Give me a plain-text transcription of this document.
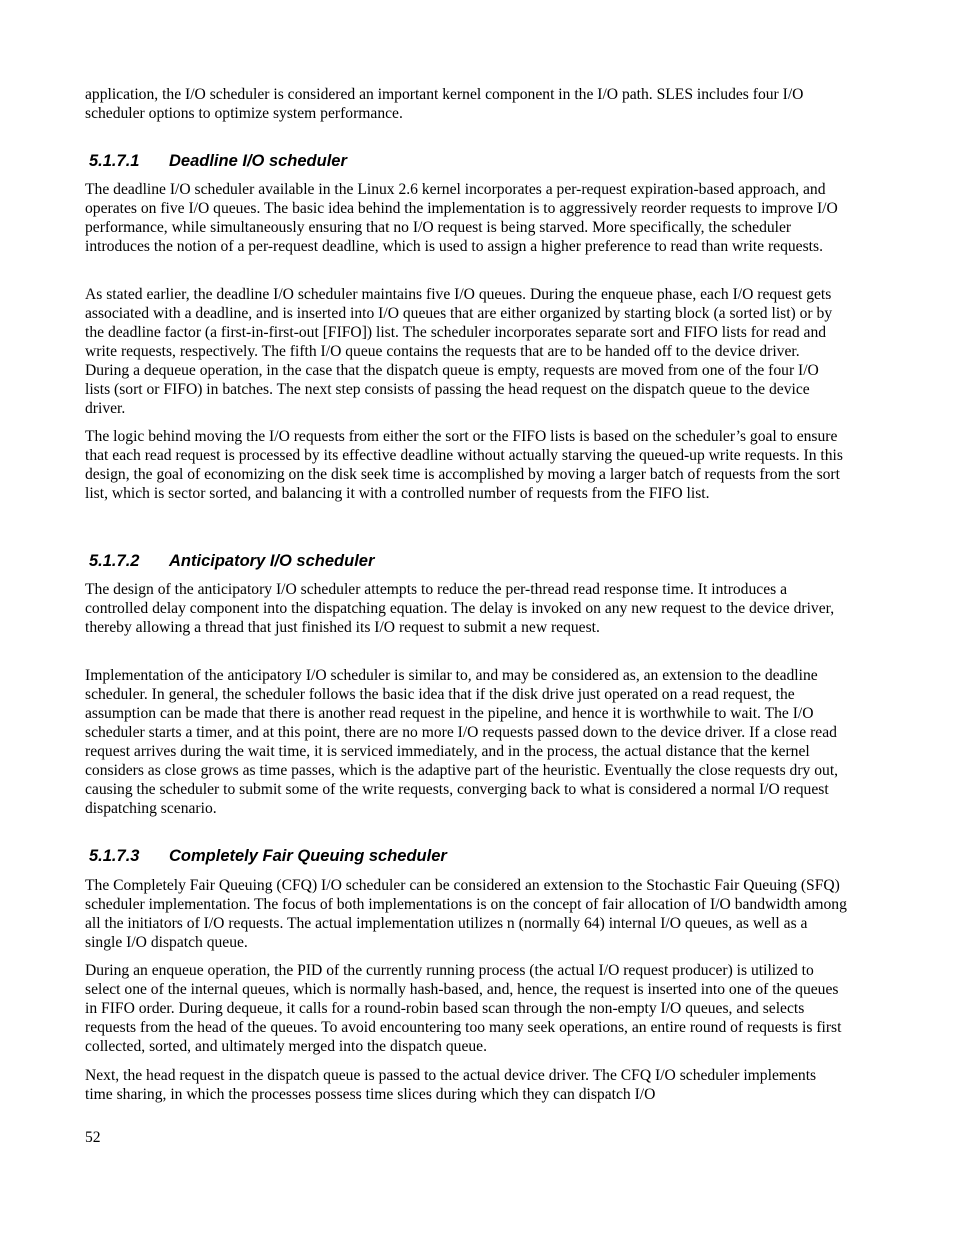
application, the I/O scheduler is considered an important kernel component in the I/O path. SLES includes four I/O scheduler options to optimize system performance.

5.1.7.1 Deadline I/O scheduler

The deadline I/O scheduler available in the Linux 2.6 kernel incorporates a per-request expiration-based approach, and operates on five I/O queues. The basic idea behind the implementation is to aggressively reorder requests to improve I/O performance, while simultaneously ensuring that no I/O request is being starved. More specifically, the scheduler introduces the notion of a per-request deadline, which is used to assign a higher preference to read than write requests.

As stated earlier, the deadline I/O scheduler maintains five I/O queues. During the enqueue phase, each I/O request gets associated with a deadline, and is inserted into I/O queues that are either organized by starting block (a sorted list) or by the deadline factor (a first-in-first-out [FIFO]) list. The scheduler incorporates separate sort and FIFO lists for read and write requests, respectively. The fifth I/O queue contains the requests that are to be handed off to the device driver. During a dequeue operation, in the case that the dispatch queue is empty, requests are moved from one of the four I/O lists (sort or FIFO) in batches. The next step consists of passing the head request on the dispatch queue to the device driver.

The logic behind moving the I/O requests from either the sort or the FIFO lists is based on the scheduler’s goal to ensure that each read request is processed by its effective deadline without actually starving the queued-up write requests. In this design, the goal of economizing on the disk seek time is accomplished by moving a larger batch of requests from the sort list, which is sector sorted, and balancing it with a controlled number of requests from the FIFO list.

5.1.7.2 Anticipatory I/O scheduler

The design of the anticipatory I/O scheduler attempts to reduce the per-thread read response time. It introduces a controlled delay component into the dispatching equation. The delay is invoked on any new request to the device driver, thereby allowing a thread that just finished its I/O request to submit a new request.

Implementation of the anticipatory I/O scheduler is similar to, and may be considered as, an extension to the deadline scheduler. In general, the scheduler follows the basic idea that if the disk drive just operated on a read request, the assumption can be made that there is another read request in the pipeline, and hence it is worthwhile to wait. The I/O scheduler starts a timer, and at this point, there are no more I/O requests passed down to the device driver. If a close read request arrives during the wait time, it is serviced immediately, and in the process, the actual distance that the kernel considers as close grows as time passes, which is the adaptive part of the heuristic. Eventually the close requests dry out, causing the scheduler to submit some of the write requests, converging back to what is considered a normal I/O request dispatching scenario.

5.1.7.3 Completely Fair Queuing scheduler

The Completely Fair Queuing (CFQ) I/O scheduler can be considered an extension to the Stochastic Fair Queuing (SFQ) scheduler implementation. The focus of both implementations is on the concept of fair allocation of I/O bandwidth among all the initiators of I/O requests. The actual implementation utilizes n (normally 64) internal I/O queues, as well as a single I/O dispatch queue.

During an enqueue operation, the PID of the currently running process (the actual I/O request producer) is utilized to select one of the internal queues, which is normally hash-based, and, hence, the request is inserted into one of the queues in FIFO order. During dequeue, it calls for a round-robin based scan through the non-empty I/O queues, and selects requests from the head of the queues. To avoid encountering too many seek operations, an entire round of requests is first collected, sorted, and ultimately merged into the dispatch queue.

Next, the head request in the dispatch queue is passed to the actual device driver. The CFQ I/O scheduler implements time sharing, in which the processes possess time slices during which they can dispatch I/O

52
